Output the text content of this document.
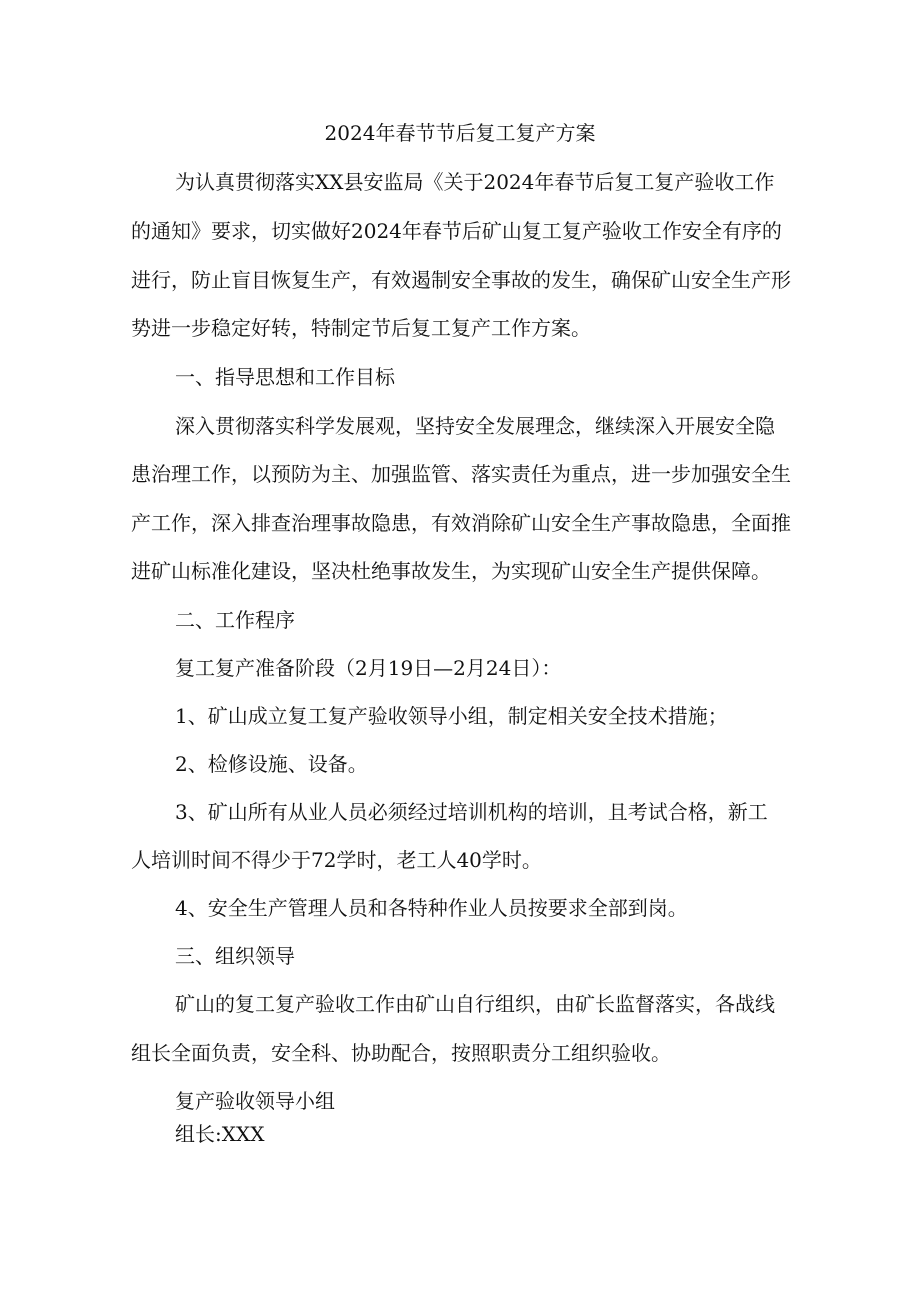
2024年春节节后复工复产方案
为认真贯彻落实XX县安监局《关于2024年春节后复工复产验收工作
的通知》要求，切实做好2024年春节后矿山复工复产验收工作安全有序的
进行，防止盲目恢复生产，有效遏制安全事故的发生，确保矿山安全生产形
势进一步稳定好转，特制定节后复工复产工作方案。
一、指导思想和工作目标
深入贯彻落实科学发展观，坚持安全发展理念，继续深入开展安全隐
患治理工作，以预防为主、加强监管、落实责任为重点，进一步加强安全生
产工作，深入排查治理事故隐患，有效消除矿山安全生产事故隐患，全面推
进矿山标准化建设，坚决杜绝事故发生，为实现矿山安全生产提供保障。
二、工作程序
复工复产准备阶段（2月19日—2月24日）：
1、矿山成立复工复产验收领导小组，制定相关安全技术措施；
2、检修设施、设备。
3、矿山所有从业人员必须经过培训机构的培训，且考试合格，新工
人培训时间不得少于72学时，老工人40学时。
4、安全生产管理人员和各特种作业人员按要求全部到岗。
三、组织领导
矿山的复工复产验收工作由矿山自行组织，由矿长监督落实，各战线
组长全面负责，安全科、协助配合，按照职责分工组织验收。
复产验收领导小组
组长:XXX
